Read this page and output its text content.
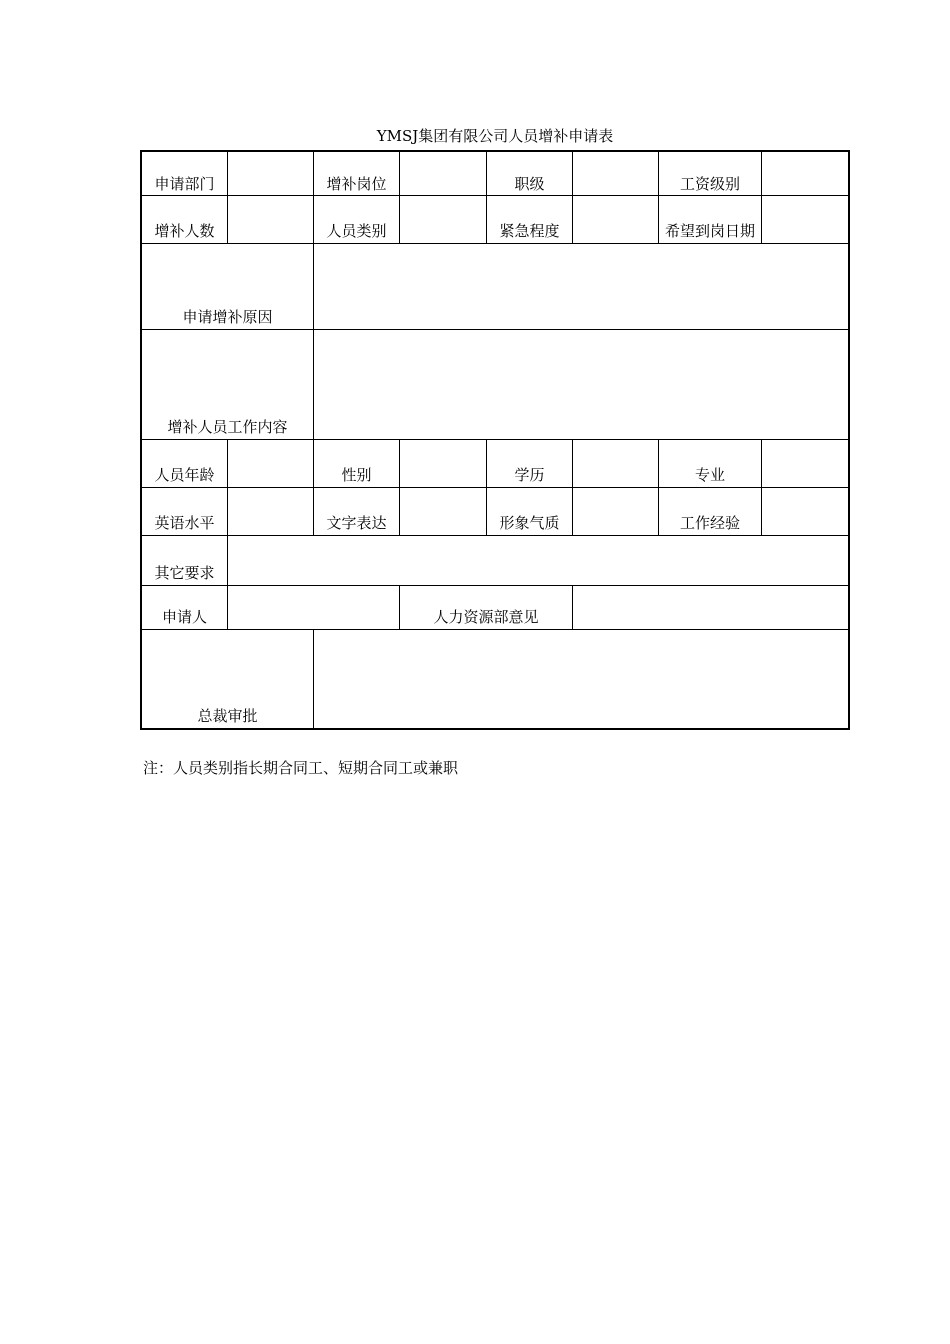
YMSJ集团有限公司人员增补申请表
申请部门	增补岗位	职级	工资级别
增补人数	人员类别	紧急程度	希望到岗日期
申请增补原因
增补人员工作内容
人员年龄	性别	学历	专业
英语水平	文字表达	形象气质	工作经验
其它要求
申请人	人力资源部意见
总裁审批
注：人员类别指长期合同工、短期合同工或兼职
